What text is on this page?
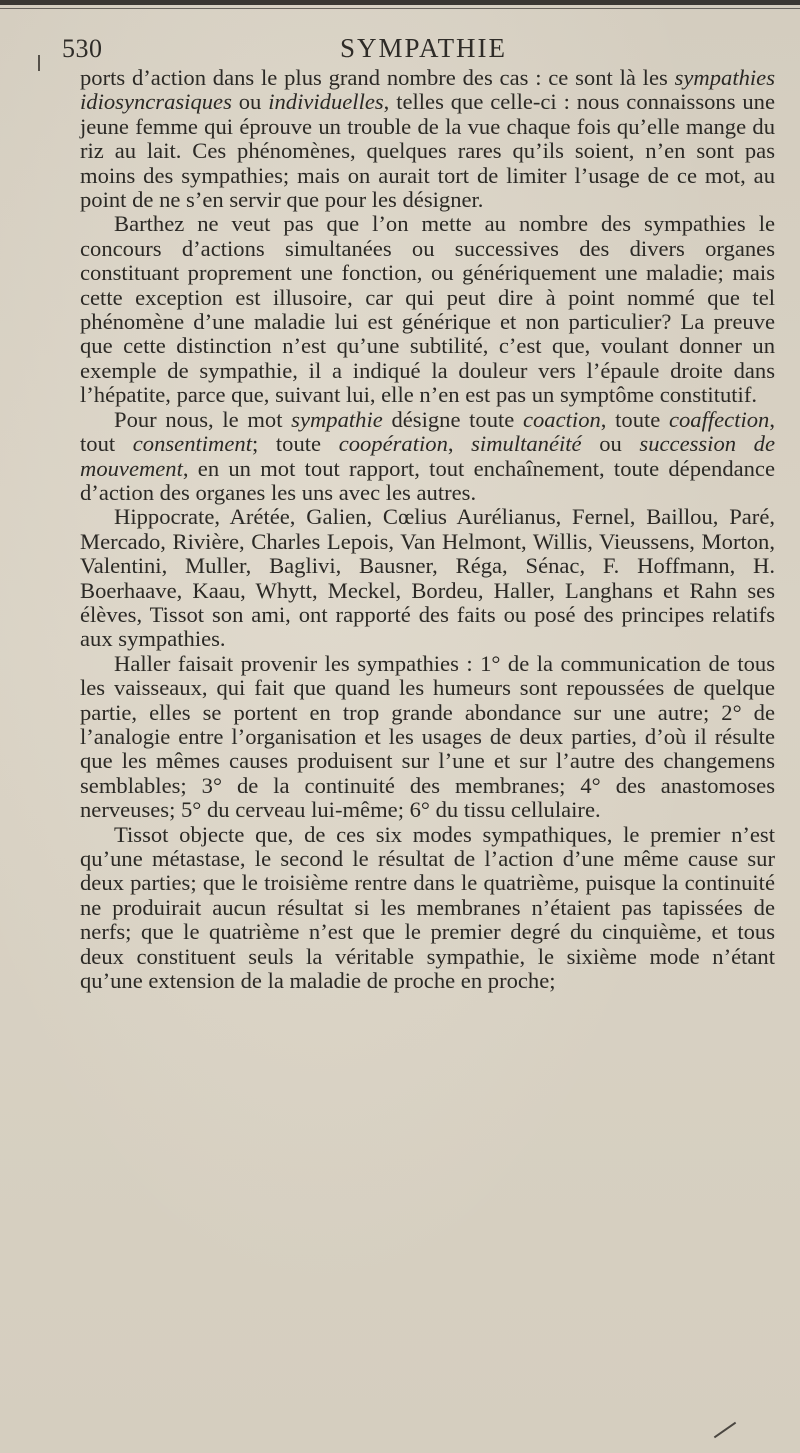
530	SYMPATHIE

ports d’action dans le plus grand nombre des cas : ce sont là les sympathies idiosyncrasiques ou individuelles, telles que celle-ci : nous connaissons une jeune femme qui éprouve un trouble de la vue chaque fois qu’elle mange du riz au lait. Ces phénomènes, quelques rares qu’ils soient, n’en sont pas moins des sympathies; mais on aurait tort de limiter l’usage de ce mot, au point de ne s’en servir que pour les désigner.

Barthez ne veut pas que l’on mette au nombre des sympathies le concours d’actions simultanées ou successives des divers organes constituant proprement une fonction, ou génériquement une maladie; mais cette exception est illusoire, car qui peut dire à point nommé que tel phénomène d’une maladie lui est générique et non particulier? La preuve que cette distinction n’est qu’une subtilité, c’est que, voulant donner un exemple de sympathie, il a indiqué la douleur vers l’épaule droite dans l’hépatite, parce que, suivant lui, elle n’en est pas un symptôme constitutif.

Pour nous, le mot sympathie désigne toute coaction, toute coaffection, tout consentiment; toute coopération, simultanéité ou succession de mouvement, en un mot tout rapport, tout enchaînement, toute dépendance d’action des organes les uns avec les autres.

Hippocrate, Arétée, Galien, Cœlius Aurélianus, Fernel, Baillou, Paré, Mercado, Rivière, Charles Lepois, Van Helmont, Willis, Vieussens, Morton, Valentini, Muller, Baglivi, Bausner, Réga, Sénac, F. Hoffmann, H. Boerhaave, Kaau, Whytt, Meckel, Bordeu, Haller, Langhans et Rahn ses élèves, Tissot son ami, ont rapporté des faits ou posé des principes relatifs aux sympathies.

Haller faisait provenir les sympathies : 1° de la communication de tous les vaisseaux, qui fait que quand les humeurs sont repoussées de quelque partie, elles se portent en trop grande abondance sur une autre; 2° de l’analogie entre l’organisation et les usages de deux parties, d’où il résulte que les mêmes causes produisent sur l’une et sur l’autre des changemens semblables; 3° de la continuité des membranes; 4° des anastomoses nerveuses; 5° du cerveau lui-même; 6° du tissu cellulaire.

Tissot objecte que, de ces six modes sympathiques, le premier n’est qu’une métastase, le second le résultat de l’action d’une même cause sur deux parties; que le troisième rentre dans le quatrième, puisque la continuité ne produirait aucun résultat si les membranes n’étaient pas tapissées de nerfs; que le quatrième n’est que le premier degré du cinquième, et tous deux constituent seuls la véritable sympathie, le sixième mode n’étant qu’une extension de la maladie de proche en proche;
